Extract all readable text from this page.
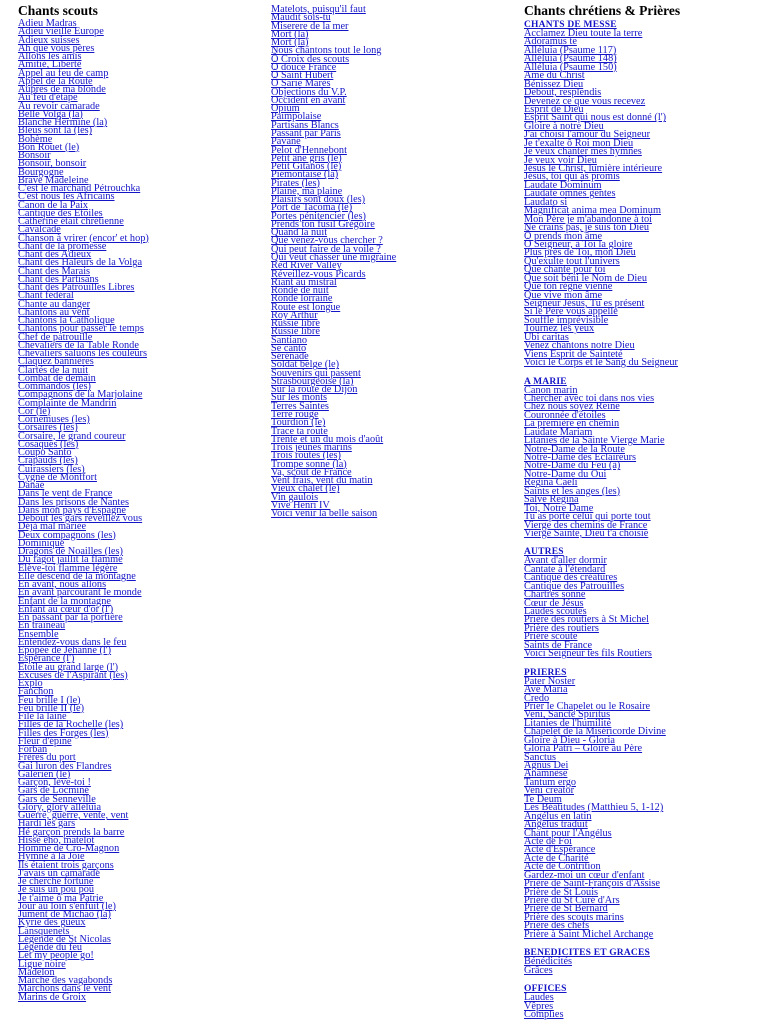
Chants scouts
Adieu Madras
Adieu vieille Europe
Adieux suisses
Ah que vous pères
Allons les amis
Amitié, Liberté
Appel au feu de camp
Appel de la Route
Auprès de ma blonde
Au feu d'étape
Au revoir camarade
Belle Volga (la)
Blanche Hermine (la)
Bleus sont là (les)
Bohème
Bon Rouet (le)
Bonsoir
Bonsoir, bonsoir
Bourgogne
Brave Madeleine
C'est le marchand Pétrouchka
C'est nous les Africains
Canon de la Paix
Cantique des Etoiles
Catherine était chrétienne
Cavalcade
Chanson à vrirer (encor' et hop)
Chant de la promesse
Chant des Adieux
Chant des Haleurs de la Volga
Chant des Marais
Chant des Partisans
Chant des Patrouilles Libres
Chant fédéral
Chante au danger
Chantons au vent
Chantons la Catholique
Chantons pour passer le temps
Chef de patrouille
Chevaliers de la Table Ronde
Chevaliers saluons les couleurs
Claquez bannières
Clartés de la nuit
Combat de demain
Commandos (les)
Compagnons de la Marjolaine
Complainte de Mandrin
Cor (le)
Cornemuses (les)
Corsaires (les)
Corsaire, le grand coureur
Cosaques (les)
Coupo Santo
Crapauds (les)
Cuirassiers (les)
Cygne de Montfort
Danaé
Dans le vent de France
Dans les prisons de Nantes
Dans mon pays d'Espagne
Debout les gars réveillez vous
Déjà mal mariée
Deux compagnons (les)
Dominique
Dragons de Noailles (les)
Du fagot jaillit la flamme
Elève-toi flamme légère
Elle descend de la montagne
En avant, nous allons
En avant parcourant le monde
Enfant de la montagne
Enfant au cœur d'or (l')
En passant par la portière
En traîneau
Ensemble
Entendez-vous dans le feu
Epopée de Jehanne (l')
Espérance (l')
Etoile au grand large (l')
Excuses de l'Aspirant (les)
Explo
Fanchon
Feu brille I (le)
Feu brille II (le)
File la laine
Filles de la Rochelle (les)
Filles des Forges (les)
Fleur d'épine
Forban
Frères du port
Gai luron des Flandres
Galérien (le)
Garçon, lève-toi !
Gars de Locminé
Gars de Senneville
Glory, glory alléluia
Guerre, guerre, vente, vent
Hardi les gars
Hé garçon prends la barre
Hisse êho, matelot
Homme de Cro-Magnon
Hymne à la Joie
Ils étaient trois garçons
J'avais un camarade
Je cherche fortune
Je suis un pou pou
Je t'aime ô ma Patrie
Jour au loin s'enfuit (le)
Jument de Michao (la)
Kyrie des gueux
Lansquenets
Légende de St Nicolas
Légende du feu
Let my people go!
Ligue noire
Madelon
Marche des vagabonds
Marchons dans le vent
Marins de Groix
Matelots, puisqu'il faut
Maudit sois-tu
Miserere de la mer
Mort (la)
Mort (la)
Nous chantons tout le long
Ô Croix des scouts
Ô douce France
Ô Saint Hubert
Ô Sarie Marès
Objections du V.P.
Occident en avant
Opium
Paimpolaise
Partisans Blancs
Passant par Paris
Pavane
Pelot d'Hennebont
Petit âne gris (le)
Petit Gitanos (le)
Piémontaise (la)
Pirates (les)
Plaine, ma plaine
Plaisirs sont doux (les)
Port de Tacoma (le)
Portes pénitencier (les)
Prends ton fusil Grégoire
Quand la nuit
Que venez-vous chercher ?
Qui peut faire de la voile ?
Qui veut chasser une migraine
Red River Valley
Réveillez-vous Picards
Riant au mistral
Ronde de nuit
Ronde lorraine
Route est longue
Roy Arthur
Russie libre
Russie libre
Santiano
Se canto
Sérénade
Soldat belge (le)
Souvenirs qui passent
Strasbourgeoise (la)
Sur la route de Dijon
Sur les monts
Terres Saintes
Terre rouge
Tourdion (le)
Trace ta route
Trente et un du mois d'août
Trois jeunes marins
Trois routes (les)
Trompe sonne (la)
Va, scout de France
Vent frais, vent du matin
Vieux chalet (le)
Vin gaulois
Vive Henri IV
Voici venir la belle saison
Chants chrétiens & Prières
CHANTS DE MESSE
Acclamez Dieu toute la terre
Adoramus te
Alléluia (Psaume 117)
Alléluia (Psaume 148)
Alléluia (Psaume 150)
Ame du Christ
Bénissez Dieu
Debout, resplendis
Devenez ce que vous recevez
Esprit de Dieu
Esprit Saint qui nous est donné (l')
Gloire à notre Dieu
J'ai choisi l'amour du Seigneur
Je t'exalte ô Roi mon Dieu
Je veux chanter mes hymnes
Je veux voir Dieu
Jésus le Christ, lumière intérieure
Jésus, toi qui as promis
Laudate Dominum
Laudate omnes gentes
Laudato si
Magnificat anima mea Dominum
Mon Père je m'abandonne à toi
Ne crains pas, je suis ton Dieu
Ô prends mon âme
Ô Seigneur, à Toi la gloire
Plus près de Toi, mon Dieu
Qu'exulte tout l'univers
Que chante pour toi
Que soit béni le Nom de Dieu
Que ton règne vienne
Que vive mon âme
Seigneur Jésus, Tu es présent
Si le Père vous appelle
Souffle imprévisible
Tournez les yeux
Ubi caritas
Venez chantons notre Dieu
Viens Esprit de Sainteté
Voici le Corps et le Sang du Seigneur
A MARIE
Canon marin
Chercher avec toi dans nos vies
Chez nous soyez Reine
Couronnée d'étoiles
La première en chemin
Laudate Mariam
Litanies de la Sainte Vierge Marie
Notre-Dame de la Route
Notre-Dame des Eclaireurs
Notre-Dame du Feu (à)
Notre-Dame du Oui
Regina Caeli
Saints et les anges (les)
Salve Regina
Toi, Notre Dame
Tu as porté celui qui porte tout
Vierge des chemins de France
Vierge Sainte, Dieu t'a choisie
AUTRES
Avant d'aller dormir
Cantate à l'étendard
Cantique des créatures
Cantique des Patrouilles
Chartres sonne
Cœur de Jésus
Laudes scoutes
Prière des routiers à St Michel
Prière des routiers
Prière scoute
Saints de France
Voici Seigneur tes fils Routiers
PRIERES
Pater Noster
Ave Maria
Credo
Prier le Chapelet ou le Rosaire
Veni, Sancte Spiritus
Litanies de l'humilité
Chapelet de la Miséricorde Divine
Gloire à Dieu - Gloria
Gloria Patri – Gloire au Père
Sanctus
Agnus Dei
Anamnèse
Tantum ergo
Veni creator
Te Deum
Les Béatitudes (Matthieu 5, 1-12)
Angélus en latin
Angélus traduit
Chant pour l'Angélus
Acte de Foi
Acte d'Espérance
Acte de Charité
Acte de Contrition
Gardez-moi un cœur d'enfant
Prière de Saint-François d'Assise
Prière de St Louis
Prière du St Curé d'Ars
Prière de St Bernard
Prière des scouts marins
Prière des chefs
Prière à Saint Michel Archange
BENEDICITES ET GRACES
Bénédicités
Grâces
OFFICES
Laudes
Vêpres
Complies
